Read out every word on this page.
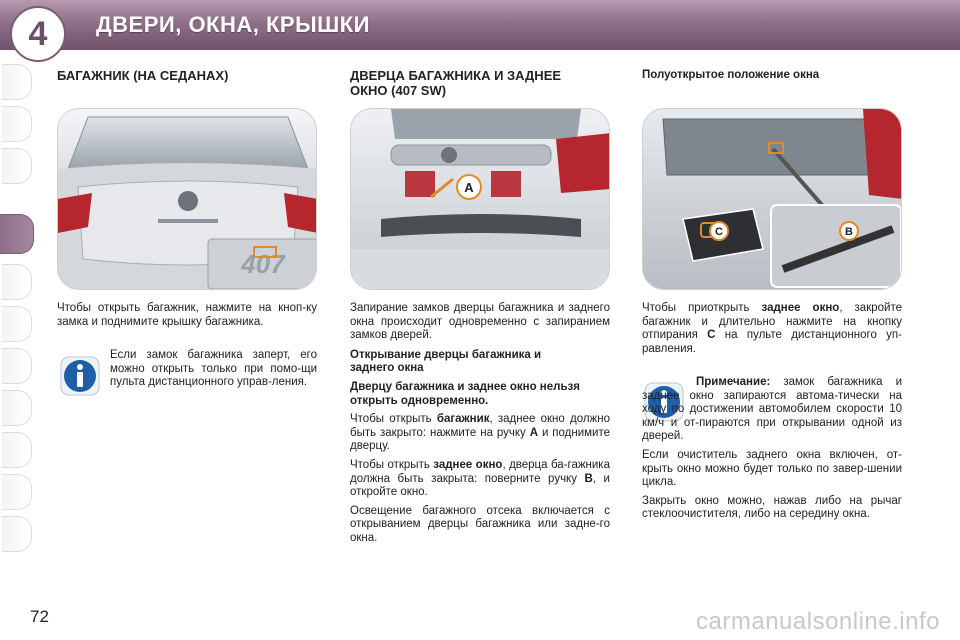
ДВЕРИ, ОКНА, КРЫШКИ
4
БАГАЖНИК (НА СЕДАНАХ)
407
Чтобы открыть багажник, нажмите на кноп-ку замка и поднимите крышку багажника.
Если замок багажника заперт, его можно открыть только при помо-щи пульта дистанционного управ-ления.
ДВЕРЦА БАГАЖНИКА И ЗАДНЕЕ
ОКНО (407 SW)
A

Запирание замков дверцы багажника и заднего окна происходит одновременно с запиранием замков дверей.

Открывание дверцы багажника и
заднего окна
Дверцу багажника и заднее окно нельзя
открыть одновременно.

Чтобы открыть багажник, заднее окно должно быть закрыто: нажмите на ручку A и поднимите дверцу.

Чтобы открыть заднее окно, дверца ба-гажника должна быть закрыта: поверните ручку B, и откройте окно.

Освещение багажного отсека включается с открыванием дверцы багажника или задне-го окна.

Полуоткрытое положение окна
B
C

Чтобы приоткрыть заднее окно, закройте багажник и длительно нажмите на кнопку отпирания C на пульте дистанционного уп-равления.

Примечание: замок багажника и заднее окно запираются автома-тически на ходу по достижении автомобилем скорости 10 км/ч и от-пираются при открывании одной из дверей.

Если очиститель заднего окна включен, от-крыть окно можно будет только по завер-шении цикла.

Закрыть окно можно, нажав либо на рычаг стеклоочистителя, либо на середину окна.

72	carmanualsonline.info
